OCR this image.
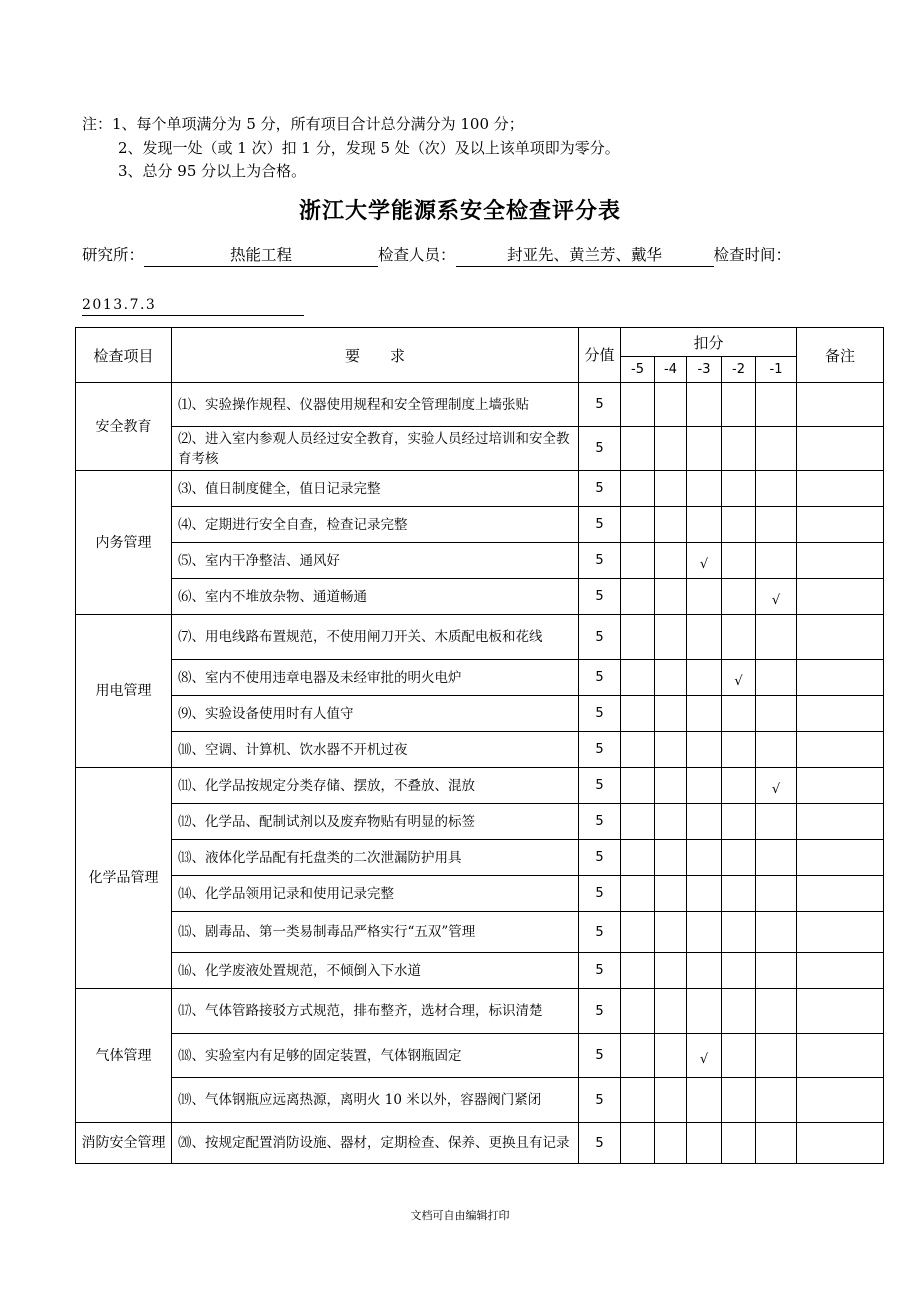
注：1、每个单项满分为 5 分，所有项目合计总分满分为 100 分；
2、发现一处（或 1 次）扣 1 分，发现 5 处（次）及以上该单项即为零分。
3、总分 95 分以上为合格。
浙江大学能源系安全检查评分表
研究所：	热能工程	检查人员：	封亚先、黄兰芳、戴华	检查时间：
2013.7.3
检查项目	要　　求	分值	扣分					备注
			-5	-4	-3	-2	-1	
安全教育	⑴、实验操作规程、仪器使用规程和安全管理制度上墙张贴	5						
	⑵、进入室内参观人员经过安全教育，实验人员经过培训和安全教育考核	5						
内务管理	⑶、值日制度健全，值日记录完整	5						
	⑷、定期进行安全自查，检查记录完整	5						
	⑸、室内干净整洁、通风好	5			√			
	⑹、室内不堆放杂物、通道畅通	5					√	
用电管理	⑺、用电线路布置规范，不使用闸刀开关、木质配电板和花线	5						
	⑻、室内不使用违章电器及未经审批的明火电炉	5				√		
	⑼、实验设备使用时有人值守	5						
	⑽、空调、计算机、饮水器不开机过夜	5						
化学品管理	⑾、化学品按规定分类存储、摆放，不叠放、混放	5					√	
	⑿、化学品、配制试剂以及废弃物贴有明显的标签	5						
	⒀、液体化学品配有托盘类的二次泄漏防护用具	5						
	⒁、化学品领用记录和使用记录完整	5						
	⒂、剧毒品、第一类易制毒品严格实行“五双”管理	5						
	⒃、化学废液处置规范，不倾倒入下水道	5						
气体管理	⒄、气体管路接驳方式规范，排布整齐，选材合理，标识清楚	5						
	⒅、实验室内有足够的固定装置，气体钢瓶固定	5			√			
	⒆、气体钢瓶应远离热源，离明火 10 米以外，容器阀门紧闭	5						
消防安全管理	⒇、按规定配置消防设施、器材，定期检查、保养、更换且有记录	5						
文档可自由编辑打印
